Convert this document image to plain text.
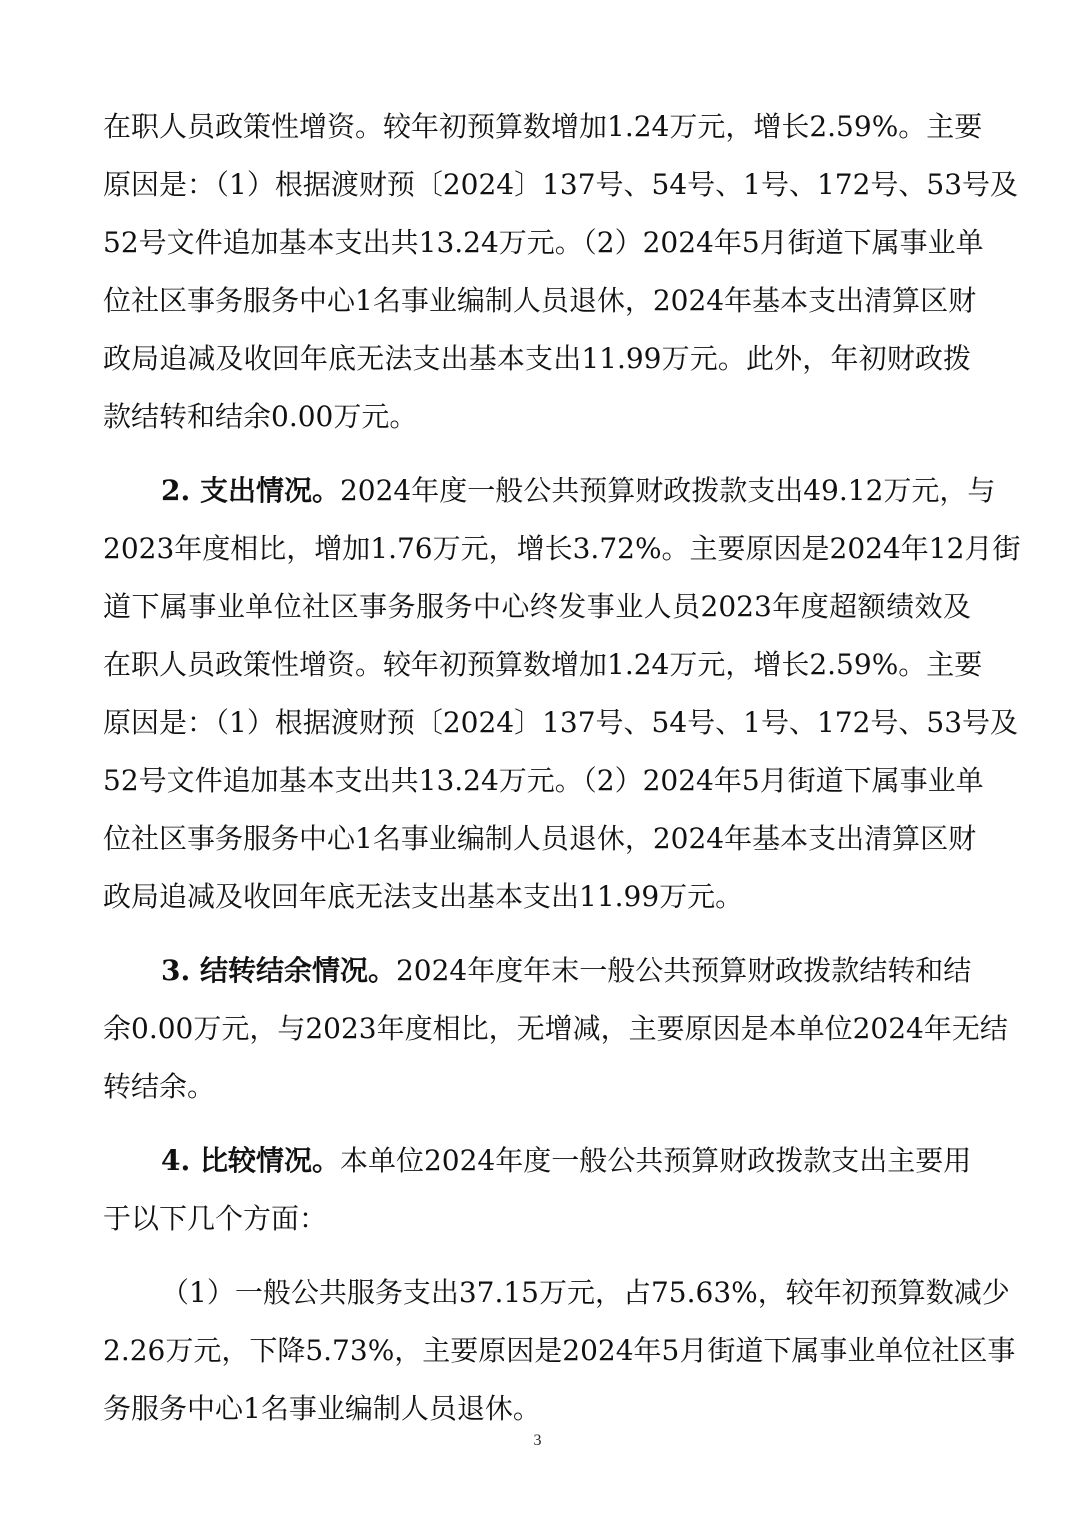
在职人员政策性增资。较年初预算数增加1.24万元，增长2.59%。主要
原因是：（1）根据渡财预〔2024〕137号、54号、1号、172号、53号及
52号文件追加基本支出共13.24万元。（2）2024年5月街道下属事业单
位社区事务服务中心1名事业编制人员退休，2024年基本支出清算区财
政局追减及收回年底无法支出基本支出11.99万元。此外，年初财政拨
款结转和结余0.00万元。
2. 支出情况。2024年度一般公共预算财政拨款支出49.12万元，与
2023年度相比，增加1.76万元，增长3.72%。主要原因是2024年12月街
道下属事业单位社区事务服务中心终发事业人员2023年度超额绩效及
在职人员政策性增资。较年初预算数增加1.24万元，增长2.59%。主要
原因是：（1）根据渡财预〔2024〕137号、54号、1号、172号、53号及
52号文件追加基本支出共13.24万元。（2）2024年5月街道下属事业单
位社区事务服务中心1名事业编制人员退休，2024年基本支出清算区财
政局追减及收回年底无法支出基本支出11.99万元。
3. 结转结余情况。2024年度年末一般公共预算财政拨款结转和结
余0.00万元，与2023年度相比，无增减，主要原因是本单位2024年无结
转结余。
4. 比较情况。本单位2024年度一般公共预算财政拨款支出主要用
于以下几个方面：
（1）一般公共服务支出37.15万元，占75.63%，较年初预算数减少
2.26万元，下降5.73%，主要原因是2024年5月街道下属事业单位社区事
务服务中心1名事业编制人员退休。
3
